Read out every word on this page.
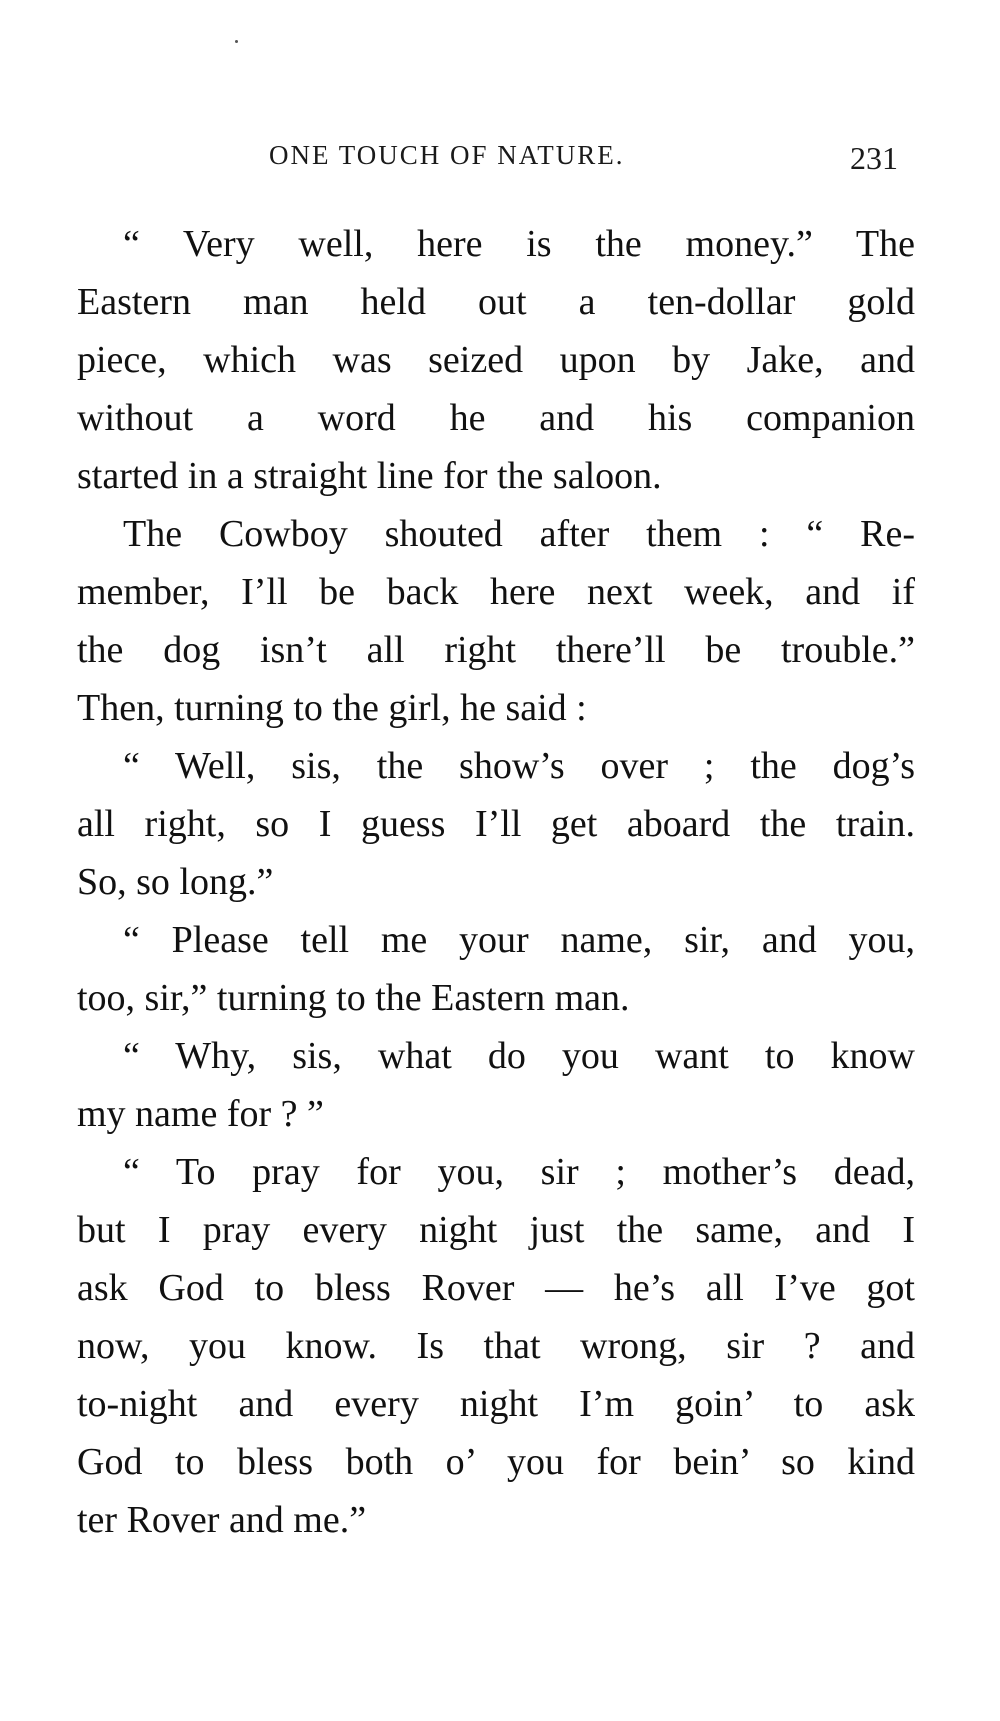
ONE TOUCH OF NATURE.	231
“ Very well, here is the money.” The
Eastern man held out a ten-dollar gold
piece, which was seized upon by Jake, and
without a word he and his companion
started in a straight line for the saloon.
The Cowboy shouted after them : “ Re-
member, I’ll be back here next week, and if
the dog isn’t all right there’ll be trouble.”
Then, turning to the girl, he said :
“ Well, sis, the show’s over ; the dog’s
all right, so I guess I’ll get aboard the train.
So, so long.”
“ Please tell me your name, sir, and you,
too, sir,” turning to the Eastern man.
“ Why, sis, what do you want to know
my name for ? ”
“ To pray for you, sir ; mother’s dead,
but I pray every night just the same, and I
ask God to bless Rover — he’s all I’ve got
now, you know. Is that wrong, sir ? and
to-night and every night I’m goin’ to ask
God to bless both o’ you for bein’ so kind
ter Rover and me.”
